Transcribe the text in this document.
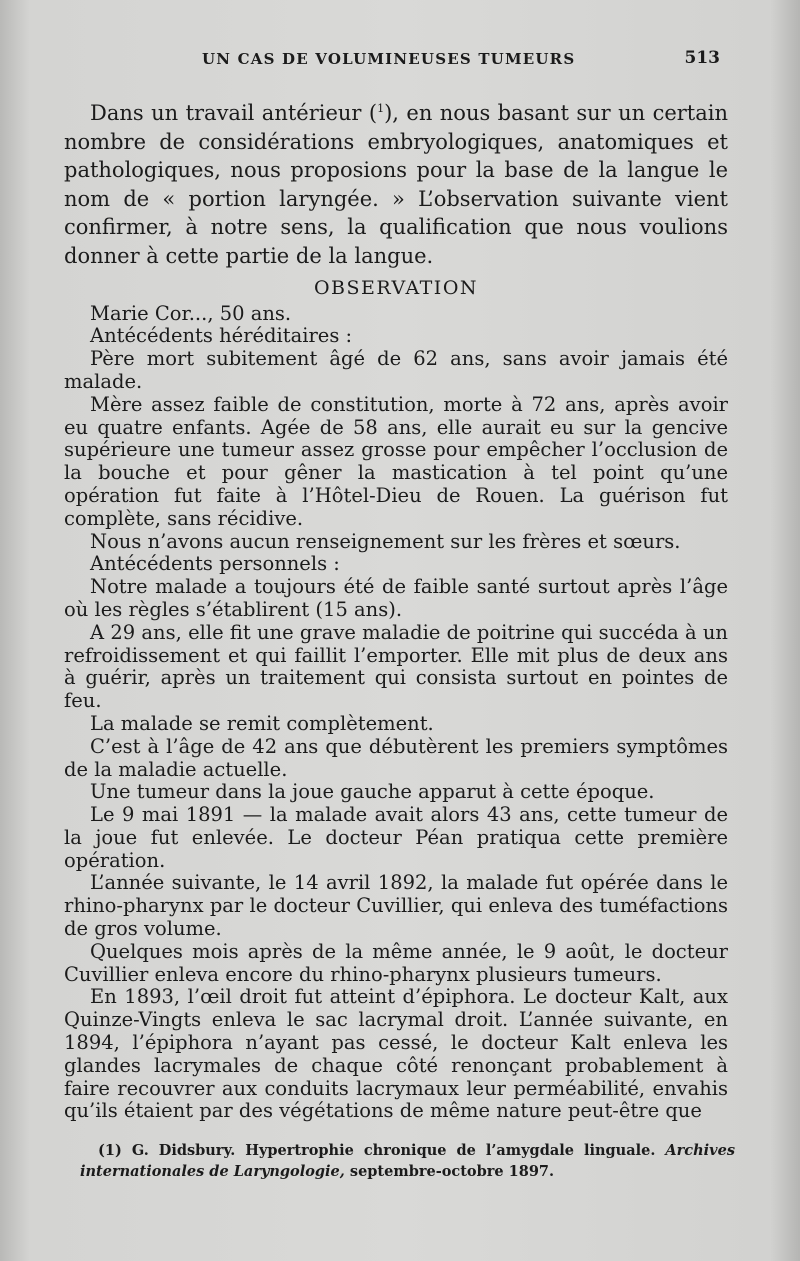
UN CAS DE VOLUMINEUSES TUMEURS	513

Dans un travail antérieur ($^1$), en nous basant sur un certain nombre de considérations embryologiques, anatomiques et pathologiques, nous proposions pour la base de la langue le nom de « portion laryngée. » L’observation suivante vient confirmer, à notre sens, la qualification que nous voulions donner à cette partie de la langue.

OBSERVATION

Marie Cor..., 50 ans.

Antécédents héréditaires :

Père mort subitement âgé de 62 ans, sans avoir jamais été malade.

Mère assez faible de constitution, morte à 72 ans, après avoir eu quatre enfants. Agée de 58 ans, elle aurait eu sur la gencive supérieure une tumeur assez grosse pour empêcher l’occlusion de la bouche et pour gêner la mastication à tel point qu’une opération fut faite à l’Hôtel-Dieu de Rouen. La guérison fut complète, sans récidive.

Nous n’avons aucun renseignement sur les frères et sœurs.

Antécédents personnels :

Notre malade a toujours été de faible santé surtout après l’âge où les règles s’établirent (15 ans).

A 29 ans, elle fit une grave maladie de poitrine qui succéda à un refroidissement et qui faillit l’emporter. Elle mit plus de deux ans à guérir, après un traitement qui consista surtout en pointes de feu.

La malade se remit complètement.

C’est à l’âge de 42 ans que débutèrent les premiers symptômes de la maladie actuelle.

Une tumeur dans la joue gauche apparut à cette époque.

Le 9 mai 1891 — la malade avait alors 43 ans, cette tumeur de la joue fut enlevée. Le docteur Péan pratiqua cette première opération.

L’année suivante, le 14 avril 1892, la malade fut opérée dans le rhino-pharynx par le docteur Cuvillier, qui enleva des tuméfactions de gros volume.

Quelques mois après de la même année, le 9 août, le docteur Cuvillier enleva encore du rhino-pharynx plusieurs tumeurs.

En 1893, l’œil droit fut atteint d’épiphora. Le docteur Kalt, aux Quinze-Vingts enleva le sac lacrymal droit. L’année suivante, en 1894, l’épiphora n’ayant pas cessé, le docteur Kalt enleva les glandes lacrymales de chaque côté renonçant probablement à faire recouvrer aux conduits lacrymaux leur perméabilité, envahis qu’ils étaient par des végétations de même nature peut-être que

(1) G. Didsbury. Hypertrophie chronique de l’amygdale linguale. Archives internationales de Laryngologie, septembre-octobre 1897.
